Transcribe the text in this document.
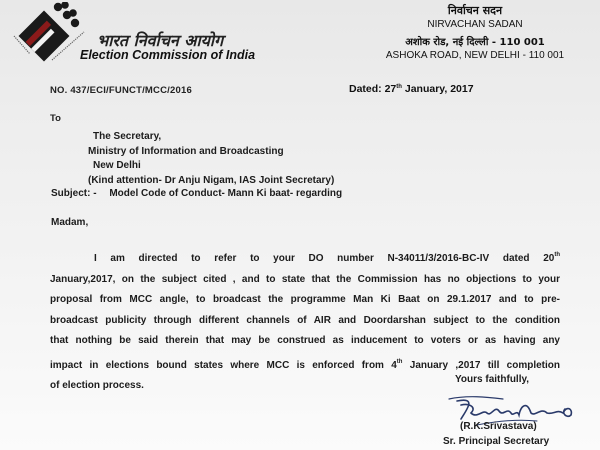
भारत निर्वाचन आयोग
Election Commission of India
निर्वाचन सदन
NIRVACHAN SADAN
अशोक रोड, नई दिल्ली - 110 001
ASHOKA ROAD, NEW DELHI - 110 001
NO. 437/ECI/FUNCT/MCC/2016	Dated: 27th January, 2017
To
The Secretary,
Ministry of Information and Broadcasting
New Delhi
(Kind attention- Dr Anju Nigam, IAS Joint Secretary)
Subject: - Model Code of Conduct- Mann Ki baat- regarding
Madam,
I am directed to refer to your DO number N-34011/3/2016-BC-IV dated 20th
January,2017, on the subject cited , and to state that the Commission has no objections to your
proposal from MCC angle, to broadcast the programme Man Ki Baat on 29.1.2017 and to pre-
broadcast publicity through different channels of AIR and Doordarshan subject to the condition
that nothing be said therein that may be construed as inducement to voters or as having any
impact in elections bound states where MCC is enforced from 4th January ,2017 till completion
of election process.
Yours faithfully,
(R.K.Srivastava)
Sr. Principal Secretary
